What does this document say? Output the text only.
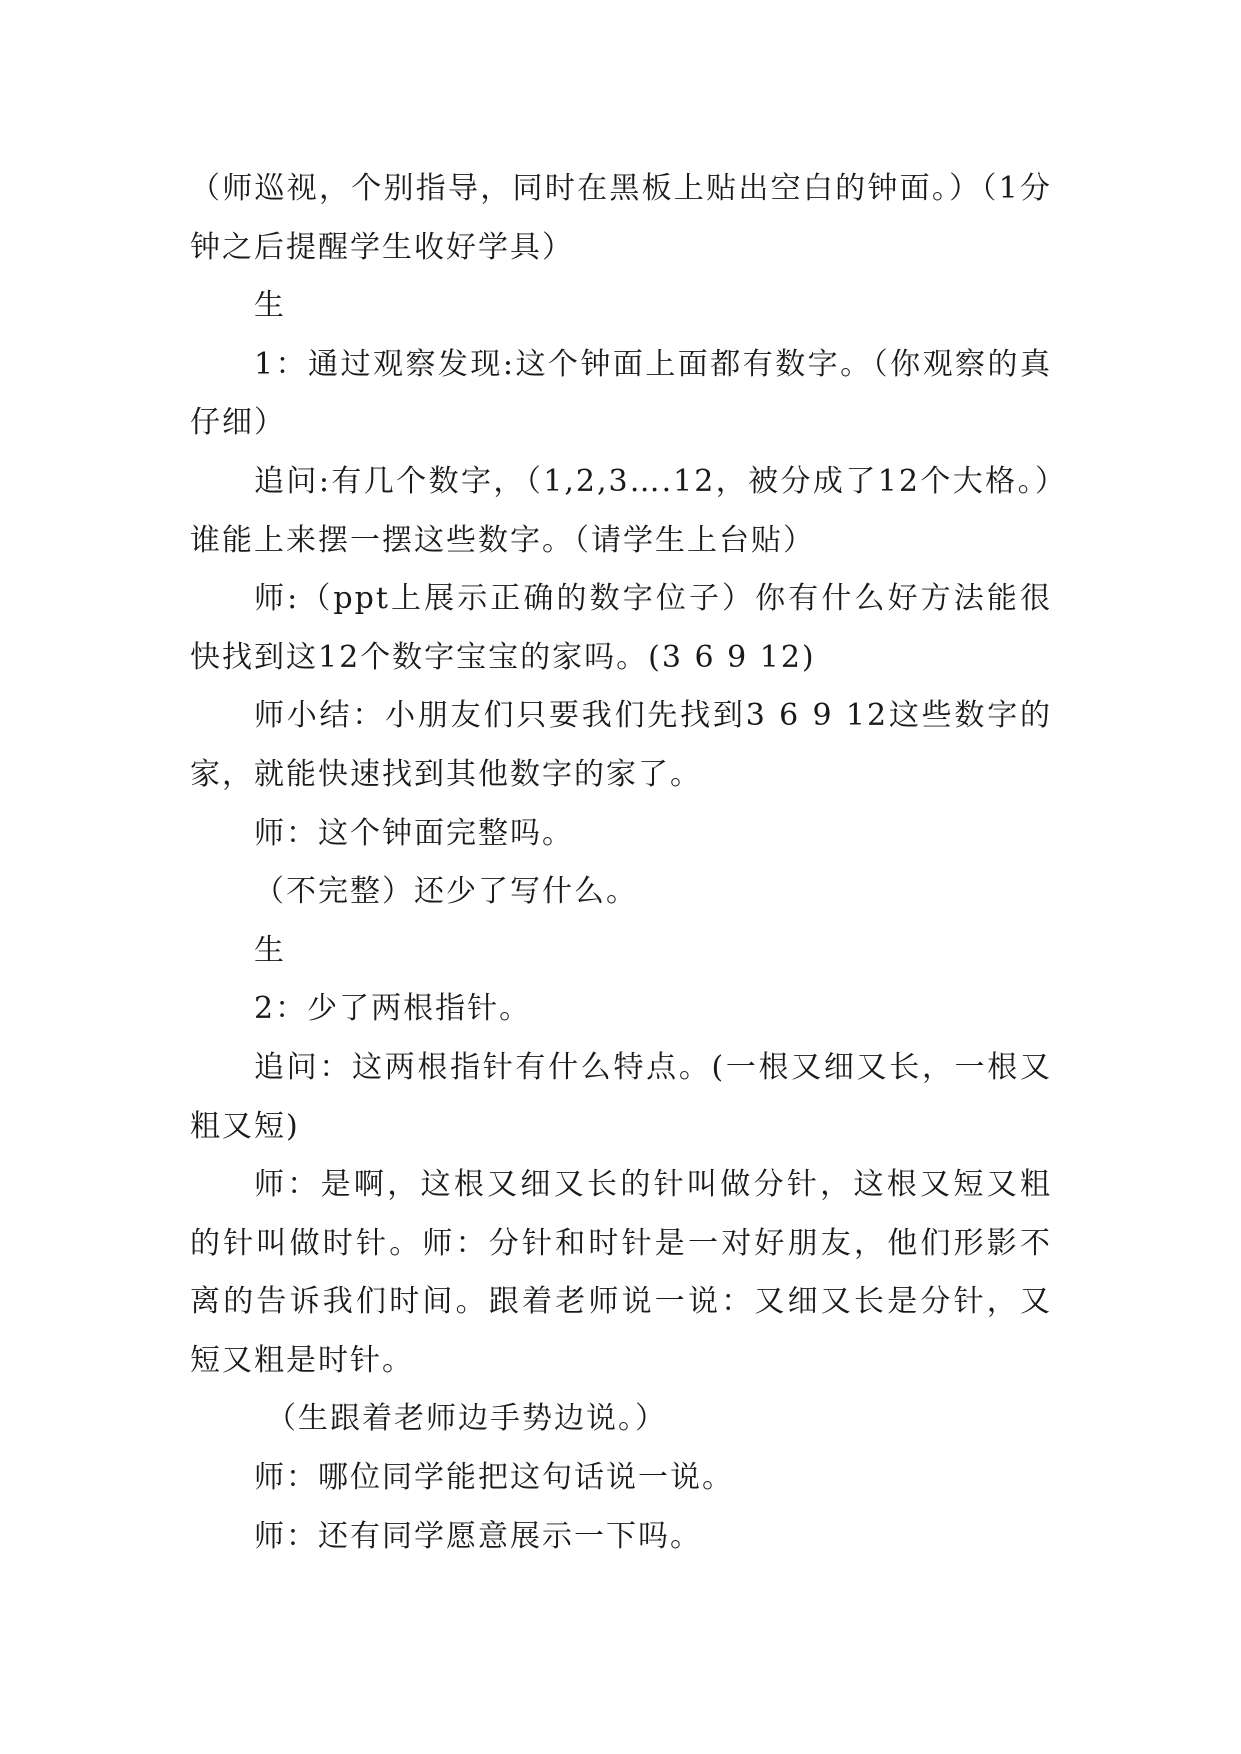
（师巡视，个别指导，同时在黑板上贴出空白的钟面。）（1分钟之后提醒学生收好学具）

生

1：通过观察发现:这个钟面上面都有数字。（你观察的真仔细）

追问:有几个数字，（1,2,3….12，被分成了12个大格。）谁能上来摆一摆这些数字。（请学生上台贴）

师:（ppt上展示正确的数字位子）你有什么好方法能很快找到这12个数字宝宝的家吗。(3 6 9 12)

师小结：小朋友们只要我们先找到3 6 9 12这些数字的家，就能快速找到其他数字的家了。

师：这个钟面完整吗。

（不完整）还少了写什么。

生

2：少了两根指针。

追问：这两根指针有什么特点。(一根又细又长，一根又粗又短)

师：是啊，这根又细又长的针叫做分针，这根又短又粗的针叫做时针。师：分针和时针是一对好朋友，他们形影不离的告诉我们时间。跟着老师说一说：又细又长是分针，又短又粗是时针。

（生跟着老师边手势边说。）

师：哪位同学能把这句话说一说。

师：还有同学愿意展示一下吗。
